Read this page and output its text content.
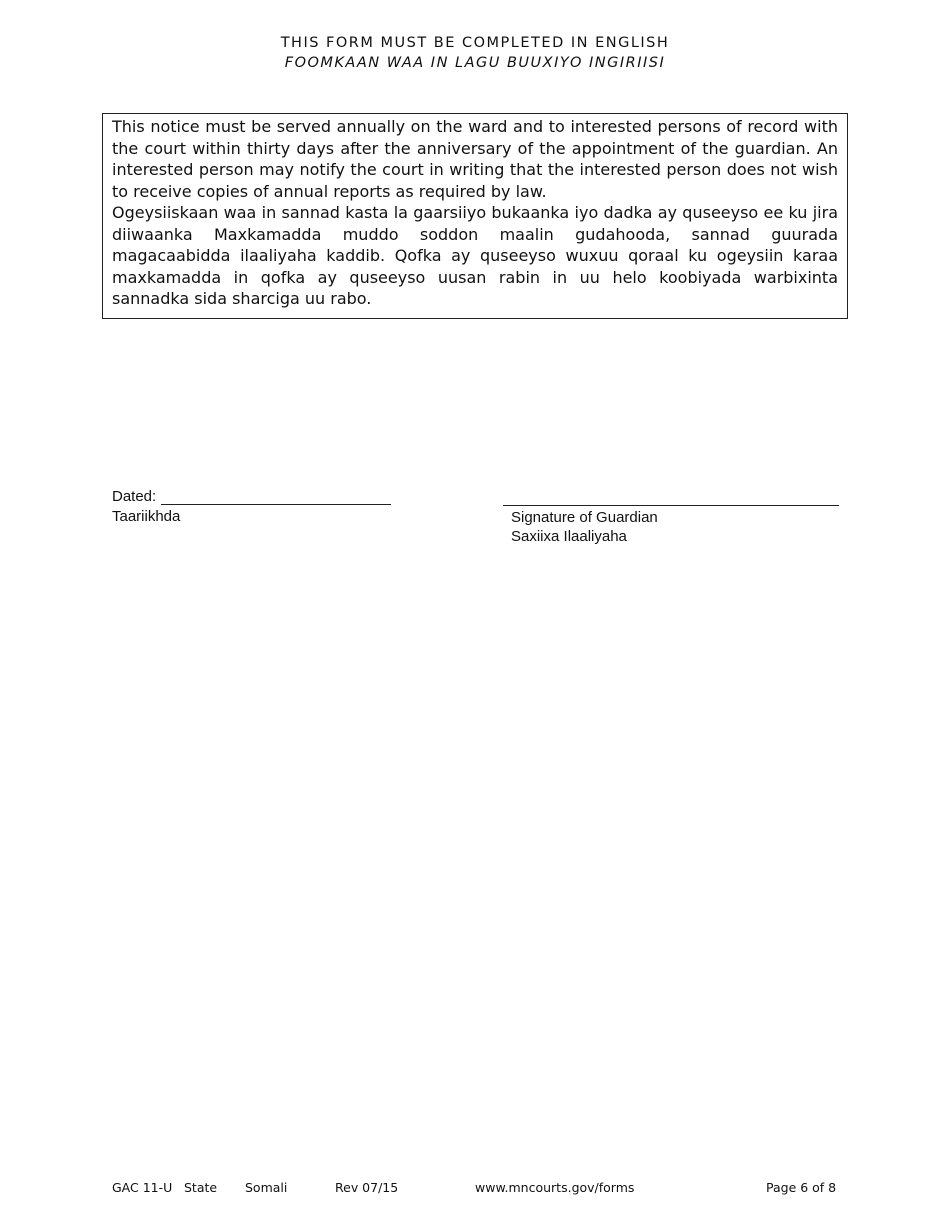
THIS FORM MUST BE COMPLETED IN ENGLISH
FOOMKAAN WAA IN LAGU BUUXIYO INGIRIISI

This notice must be served annually on the ward and to interested persons of record with the court within thirty days after the anniversary of the appointment of the guardian. An interested person may notify the court in writing that the interested person does not wish to receive copies of annual reports as required by law.

Ogeysiiskaan waa in sannad kasta la gaarsiiyo bukaanka iyo dadka ay quseeyso ee ku jira diiwaanka Maxkamadda muddo soddon maalin gudahooda, sannad guurada magacaabidda ilaaliyaha kaddib. Qofka ay quseeyso wuxuu qoraal ku ogeysiin karaa maxkamadda in qofka ay quseeyso uusan rabin in uu helo koobiyada warbixinta sannadka sida sharciga uu rabo.

Dated:
Taariikhda	Signature of Guardian
Saxiixa Ilaaliyaha
GAC 11-U State Somali	Rev 07/15	www.mncourts.gov/forms	Page 6 of 8
